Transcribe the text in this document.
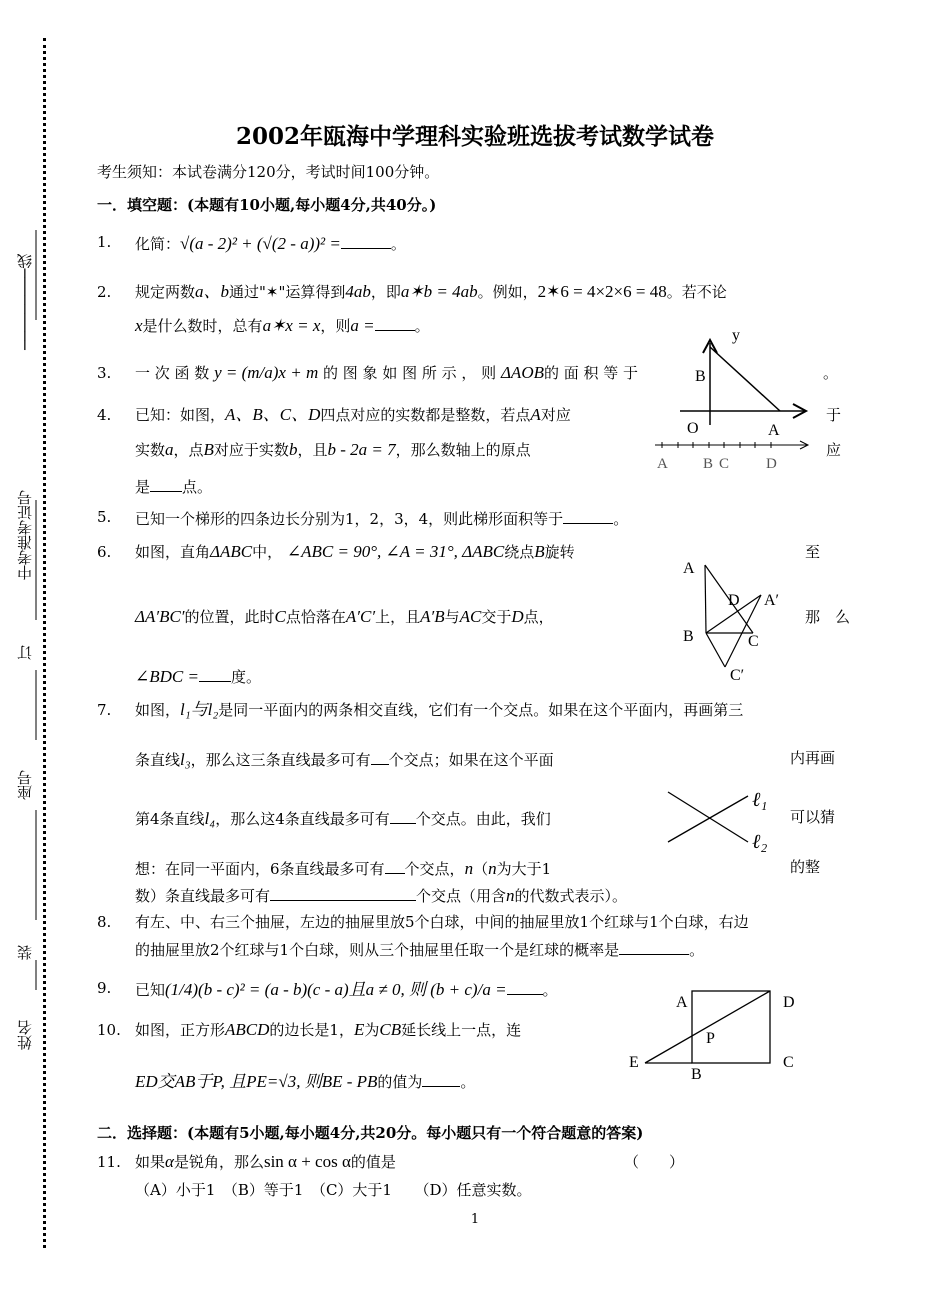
─────────线
中考准考证号
订
座号
装
姓名
2002年瓯海中学理科实验班选拔考试数学试卷
考生须知：本试卷满分120分，考试时间100分钟。
一．填空题：(本题有10小题,每小题4分,共40分。)
1. 化简：√(a - 2)² + (√(2 - a))² =	。
2. 规定两数a、b通过"✶"运算得到4ab，即a✶b = 4ab。例如，2✶6 = 4×2×6 = 48。若不论
x是什么数时，总有a✶x = x，则a =	。
3. 一 次 函 数 y = (m/a)x + m 的 图 象 如 图 所 示 ， 则 ΔAOB的 面 积 等 于	。
4. 已知：如图，A、B、C、D四点对应的实数都是整数，若点A对应	于
实数a，点B对应于实数b，且b - 2a = 7，那么数轴上的原点	应
是 点。
y
B
O	A
A B C D
5. 已知一个梯形的四条边长分别为1，2，3，4，则此梯形面积等于	。
6. 如图，直角ΔABC中， ∠ABC = 90°, ∠A = 31°, ΔABC绕点B旋转	至
ΔA′BC′的位置，此时C点恰落在A′C′上，且A′B与AC交于D点，	那　么
∠BDC = 度。
A
D A′
B	C
C′
7. 如图，l₁与l₂是同一平面内的两条相交直线，它们有一个交点。如果在这个平面内，再画第三
条直线l₃，那么这三条直线最多可有 个交点；如果在这个平面	内再画
第4条直线l₄，那么这4条直线最多可有 个交点。由此，我们	可以猜
想：在同一平面内，6条直线最多可有 个交点，n（n为大于1	的整
数）条直线最多可有	个交点（用含n的代数式表示）。
ℓ₁
ℓ₂
8. 有左、中、右三个抽屉，左边的抽屉里放5个白球，中间的抽屉里放1个红球与1个白球，右边
的抽屉里放2个红球与1个白球，则从三个抽屉里任取一个是红球的概率是	。
9. 已知(1/4)(b - c)² = (a - b)(c - a)且a ≠ 0, 则 (b + c)/a = 。
10. 如图，正方形ABCD的边长是1，E为CB延长线上一点，连
ED交AB于P, 且PE=√3, 则BE - PB的值为	。
A	D
P
E	C
B
二．选择题：(本题有5小题,每小题4分,共20分。每小题只有一个符合题意的答案)
11. 如果α是锐角，那么sin α + cos α的值是	（　　）
（A）小于1　（B）等于1　（C）大于1　　（D）任意实数。
1
